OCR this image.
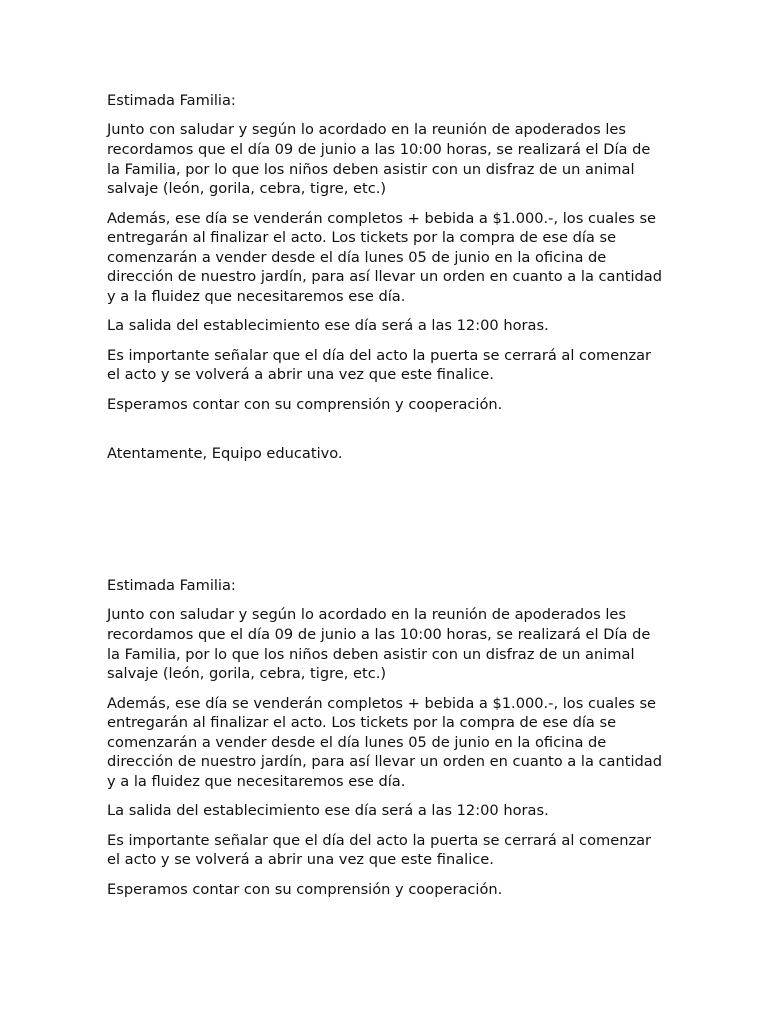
Estimada Familia:

Junto con saludar y según lo acordado en la reunión de apoderados les recordamos que el día 09 de junio a las 10:00 horas, se realizará el Día de la Familia, por lo que los niños deben asistir con un disfraz de un animal salvaje (león, gorila, cebra, tigre, etc.)

Además, ese día se venderán completos + bebida a $1.000.-, los cuales se entregarán al finalizar el acto. Los tickets por la compra de ese día se comenzarán a vender desde el día lunes 05 de junio en la oficina de dirección de nuestro jardín, para así llevar un orden en cuanto a la cantidad y a la fluidez que necesitaremos ese día.

La salida del establecimiento ese día será a las 12:00 horas.

Es importante señalar que el día del acto la puerta se cerrará al comenzar el acto y se volverá a abrir una vez que este finalice.

Esperamos contar con su comprensión y cooperación.

Atentamente, Equipo educativo.

Estimada Familia:

Junto con saludar y según lo acordado en la reunión de apoderados les recordamos que el día 09 de junio a las 10:00 horas, se realizará el Día de la Familia, por lo que los niños deben asistir con un disfraz de un animal salvaje (león, gorila, cebra, tigre, etc.)

Además, ese día se venderán completos + bebida a $1.000.-, los cuales se entregarán al finalizar el acto. Los tickets por la compra de ese día se comenzarán a vender desde el día lunes 05 de junio en la oficina de dirección de nuestro jardín, para así llevar un orden en cuanto a la cantidad y a la fluidez que necesitaremos ese día.

La salida del establecimiento ese día será a las 12:00 horas.

Es importante señalar que el día del acto la puerta se cerrará al comenzar el acto y se volverá a abrir una vez que este finalice.

Esperamos contar con su comprensión y cooperación.
